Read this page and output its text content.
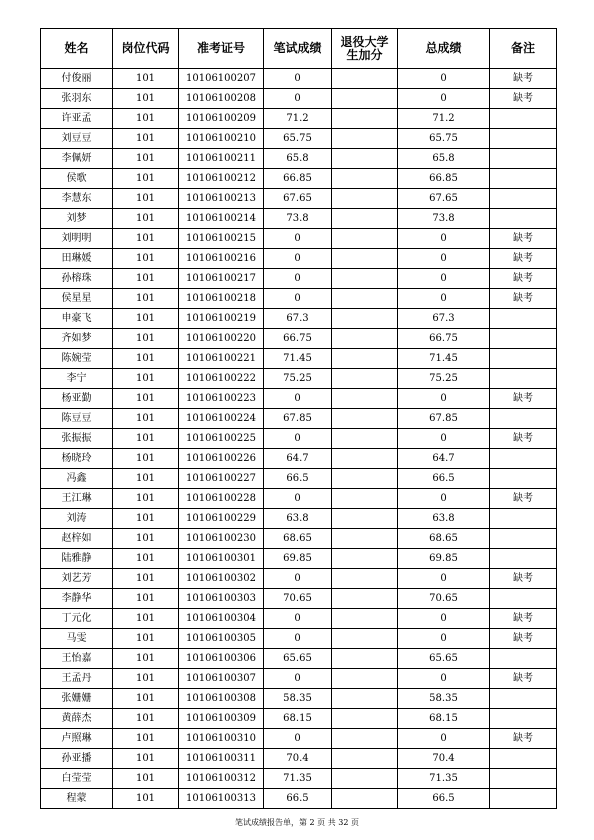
姓名	岗位代码	准考证号	笔试成绩	退役大学生加分	总成绩	备注
付俊丽	101	10106100207	0		0	缺考
张羽东	101	10106100208	0		0	缺考
许亚孟	101	10106100209	71.2		71.2	
刘豆豆	101	10106100210	65.75		65.75	
李佩妍	101	10106100211	65.8		65.8	
侯歌	101	10106100212	66.85		66.85	
李慧东	101	10106100213	67.65		67.65	
刘梦	101	10106100214	73.8		73.8	
刘明明	101	10106100215	0		0	缺考
田琳媛	101	10106100216	0		0	缺考
孙榕珠	101	10106100217	0		0	缺考
侯星星	101	10106100218	0		0	缺考
申豪飞	101	10106100219	67.3		67.3	
齐如梦	101	10106100220	66.75		66.75	
陈婉莹	101	10106100221	71.45		71.45	
李宁	101	10106100222	75.25		75.25	
杨亚勤	101	10106100223	0		0	缺考
陈豆豆	101	10106100224	67.85		67.85	
张振振	101	10106100225	0		0	缺考
杨晓玲	101	10106100226	64.7		64.7	
冯鑫	101	10106100227	66.5		66.5	
王江琳	101	10106100228	0		0	缺考
刘涛	101	10106100229	63.8		63.8	
赵梓如	101	10106100230	68.65		68.65	
陆雅静	101	10106100301	69.85		69.85	
刘艺芳	101	10106100302	0		0	缺考
李静华	101	10106100303	70.65		70.65	
丁元化	101	10106100304	0		0	缺考
马雯	101	10106100305	0		0	缺考
王怡嘉	101	10106100306	65.65		65.65	
王孟丹	101	10106100307	0		0	缺考
张姗姗	101	10106100308	58.35		58.35	
黄薛杰	101	10106100309	68.15		68.15	
卢照琳	101	10106100310	0		0	缺考
孙亚播	101	10106100311	70.4		70.4	
白莹莹	101	10106100312	71.35		71.35	
程蒙	101	10106100313	66.5		66.5	
笔试成绩报告单，第 2 页 共 32 页
